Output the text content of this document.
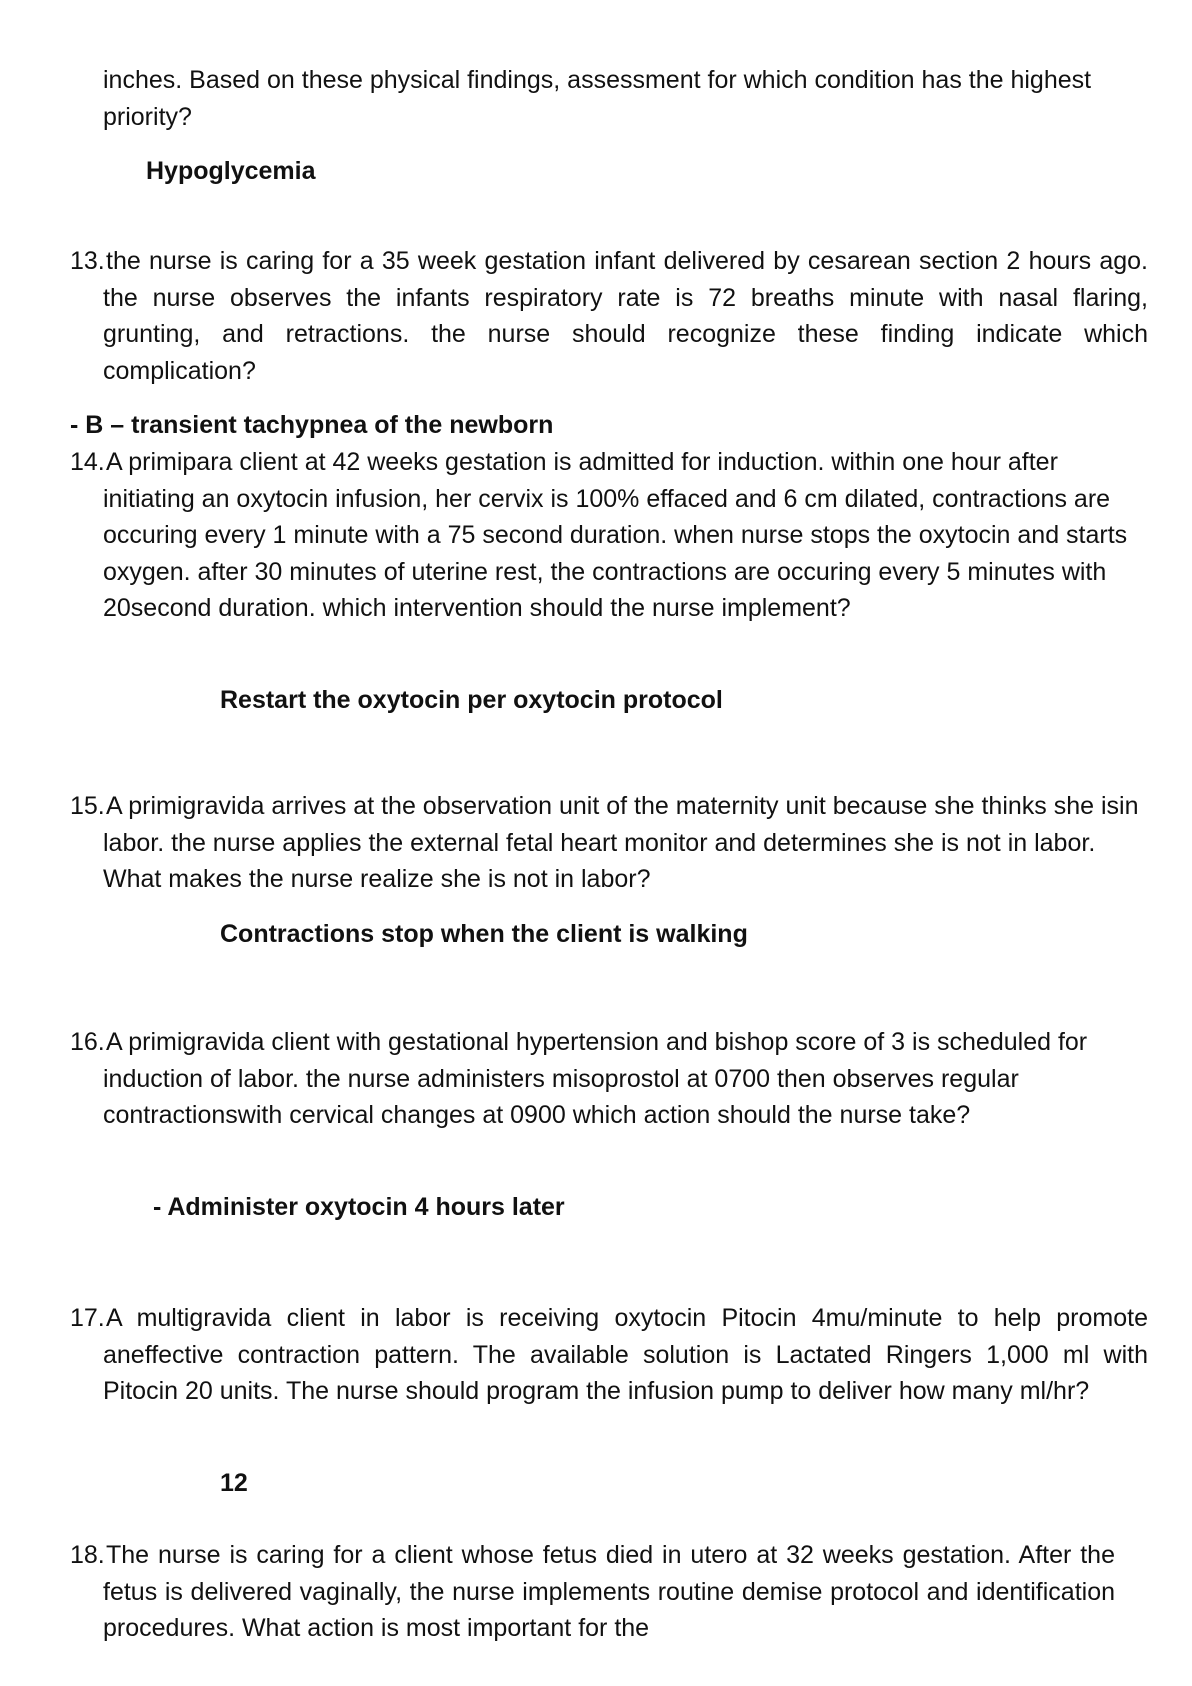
inches. Based on these physical findings, assessment for which condition has the highest priority?

Hypoglycemia
13. the nurse is caring for a 35 week gestation infant delivered by cesarean section 2 hours ago. the nurse observes the infants respiratory rate is 72 breaths minute with nasal flaring, grunting, and retractions. the nurse should recognize these finding indicate which complication?
- B – transient tachypnea of the newborn
14. A primipara client at 42 weeks gestation is admitted for induction. within one hour after initiating an oxytocin infusion, her cervix is 100% effaced and 6 cm dilated, contractions are occuring every 1 minute with a 75 second duration. when nurse stops the oxytocin and starts oxygen. after 30 minutes of uterine rest, the contractions are occuring every 5 minutes with 20second duration. which intervention should the nurse implement?
Restart the oxytocin per oxytocin protocol
15. A primigravida arrives at the observation unit of the maternity unit because she thinks she isin labor. the nurse applies the external fetal heart monitor and determines she is not in labor. What makes the nurse realize she is not in labor?
Contractions stop when the client is walking
16. A primigravida client with gestational hypertension and bishop score of 3 is scheduled for induction of labor. the nurse administers misoprostol at 0700 then observes regular contractionswith cervical changes at 0900 which action should the nurse take?
- Administer oxytocin 4 hours later
17. A multigravida client in labor is receiving oxytocin Pitocin 4mu/minute to help promote aneffective contraction pattern. The available solution is Lactated Ringers 1,000 ml with Pitocin 20 units. The nurse should program the infusion pump to deliver how many ml/hr?
12
18. The nurse is caring for a client whose fetus died in utero at 32 weeks gestation. After the fetus is delivered vaginally, the nurse implements routine demise protocol and identification procedures. What action is most important for the
